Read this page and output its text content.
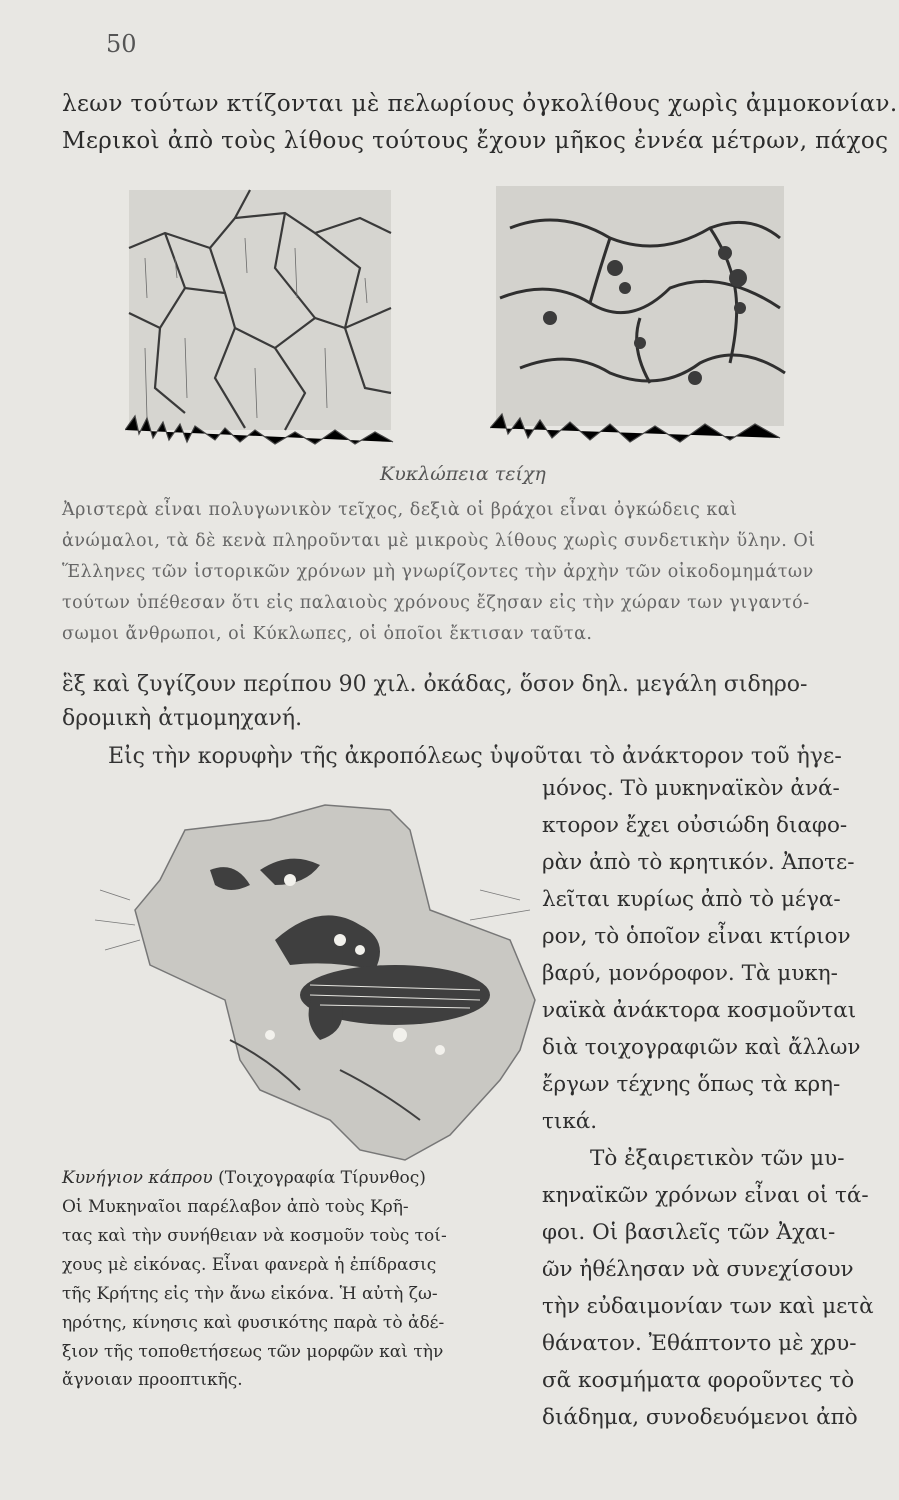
50
λεων τούτων κτίζονται μὲ πελωρίους ὀγκολίθους χωρὶς ἀμμοκονίαν.
Μερικοὶ ἀπὸ τοὺς λίθους τούτους ἔχουν μῆκος ἐννέα μέτρων, πάχος
Κυκλώπεια τείχη
Ἀριστερὰ εἶναι πολυγωνικὸν τεῖχος, δεξιὰ οἱ βράχοι εἶναι ὀγκώδεις καὶ
ἀνώμαλοι, τὰ δὲ κενὰ πληροῦνται μὲ μικροὺς λίθους χωρὶς συνδετικὴν ὕλην. Οἱ
Ἕλληνες τῶν ἱστορικῶν χρόνων μὴ γνωρίζοντες τὴν ἀρχὴν τῶν οἰκοδομημάτων
τούτων ὑπέθεσαν ὅτι εἰς παλαιοὺς χρόνους ἔζησαν εἰς τὴν χώραν των γιγαντό-
σωμοι ἄνθρωποι, οἱ Κύκλωπες, οἱ ὁποῖοι ἔκτισαν ταῦτα.
ἓξ καὶ ζυγίζουν περίπου 90 χιλ. ὀκάδας, ὅσον δηλ. μεγάλη σιδηρο-
δρομικὴ ἀτμομηχανή.
Εἰς τὴν κορυφὴν τῆς ἀκροπόλεως ὑψοῦται τὸ ἀνάκτορον τοῦ ἡγε-
Κυνήγιον κάπρου (Τοιχογραφία Τίρυνθος)
Οἱ Μυκηναῖοι παρέλαβον ἀπὸ τοὺς Κρῆ-
τας καὶ τὴν συνήθειαν νὰ κοσμοῦν τοὺς τοί-
χους μὲ εἰκόνας. Εἶναι φανερὰ ἡ ἐπίδρασις
τῆς Κρήτης εἰς τὴν ἄνω εἰκόνα. Ἡ αὐτὴ ζω-
ηρότης, κίνησις καὶ φυσικότης παρὰ τὸ ἀδέ-
ξιον τῆς τοποθετήσεως τῶν μορφῶν καὶ τὴν
ἄγνοιαν προοπτικῆς.
μόνος. Τὸ μυκηναϊκὸν ἀνά-
κτορον ἔχει οὐσιώδη διαφο-
ρὰν ἀπὸ τὸ κρητικόν. Ἀποτε-
λεῖται κυρίως ἀπὸ τὸ μέγα-
ρον, τὸ ὁποῖον εἶναι κτίριον
βαρύ, μονόροφον. Τὰ μυκη-
ναϊκὰ ἀνάκτορα κοσμοῦνται
διὰ τοιχογραφιῶν καὶ ἄλλων
ἔργων τέχνης ὅπως τὰ κρη-
τικά.
Τὸ ἐξαιρετικὸν τῶν μυ-
κηναϊκῶν χρόνων εἶναι οἱ τά-
φοι. Οἱ βασιλεῖς τῶν Ἀχαι-
ῶν ἠθέλησαν νὰ συνεχίσουν
τὴν εὐδαιμονίαν των καὶ μετὰ
θάνατον. Ἐθάπτοντο μὲ χρυ-
σᾶ κοσμήματα φοροῦντες τὸ
διάδημα, συνοδευόμενοι ἀπὸ
